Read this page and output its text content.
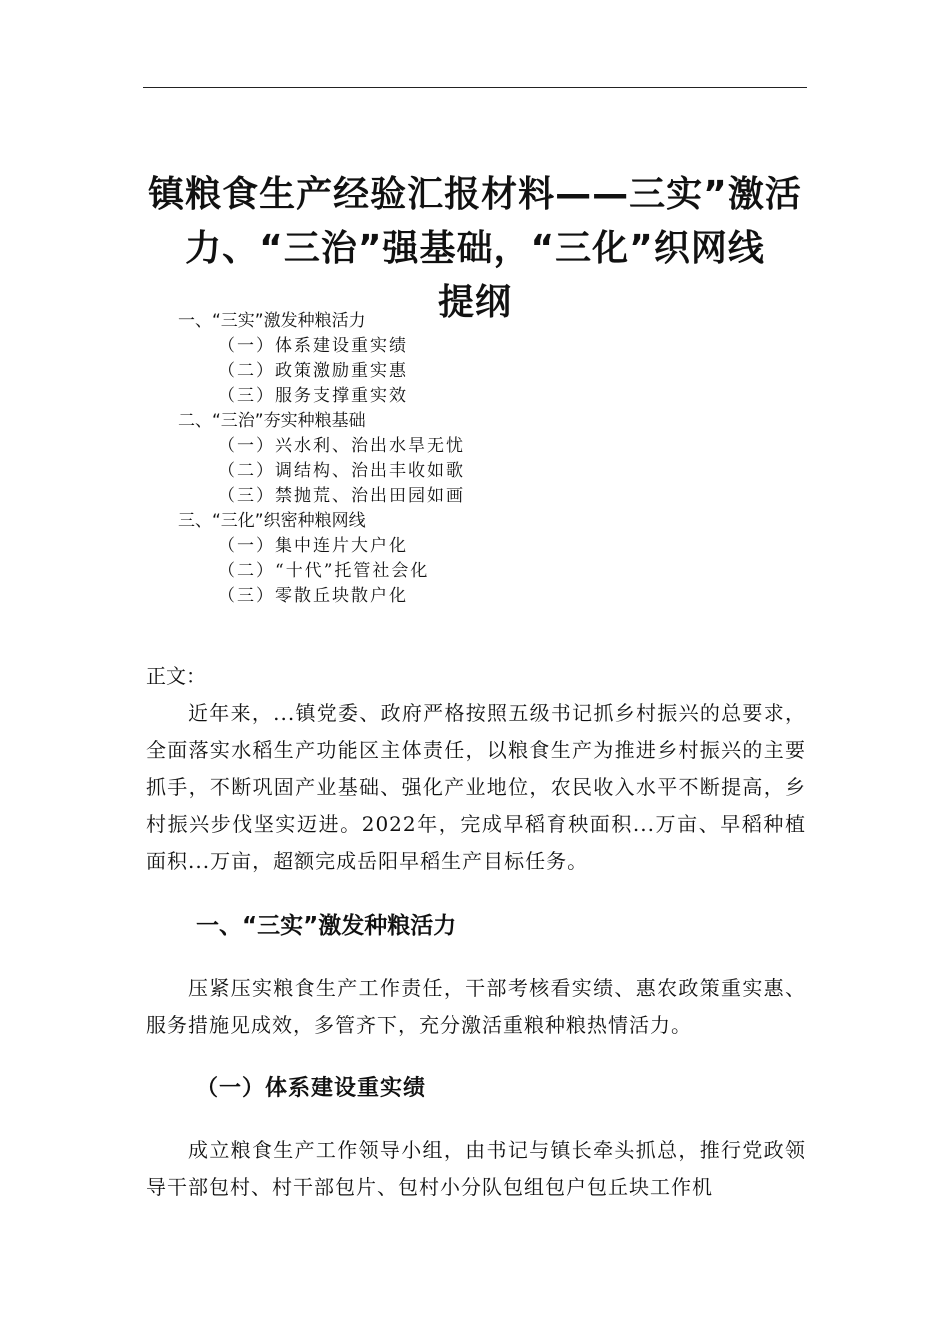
镇粮食生产经验汇报材料——三实”激活
力、“三治”强基础，“三化”织网线
提纲
一、“三实”激发种粮活力
（一）体系建设重实绩
（二）政策激励重实惠
（三）服务支撑重实效
二、“三治”夯实种粮基础
（一）兴水利、治出水旱无忧
（二）调结构、治出丰收如歌
（三）禁抛荒、治出田园如画
三、“三化”织密种粮网线
（一）集中连片大户化
（二）“十代”托管社会化
（三）零散丘块散户化

正文：

近年来，...镇党委、政府严格按照五级书记抓乡村振兴的总要求，全面落实水稻生产功能区主体责任，以粮食生产为推进乡村振兴的主要抓手，不断巩固产业基础、强化产业地位，农民收入水平不断提高，乡村振兴步伐坚实迈进。2022年，完成早稻育秧面积...万亩、早稻种植面积...万亩，超额完成岳阳早稻生产目标任务。

一、“三实”激发种粮活力

压紧压实粮食生产工作责任，干部考核看实绩、惠农政策重实惠、服务措施见成效，多管齐下，充分激活重粮种粮热情活力。

（一）体系建设重实绩

成立粮食生产工作领导小组，由书记与镇长牵头抓总，推行党政领导干部包村、村干部包片、包村小分队包组包户包丘块工作机
